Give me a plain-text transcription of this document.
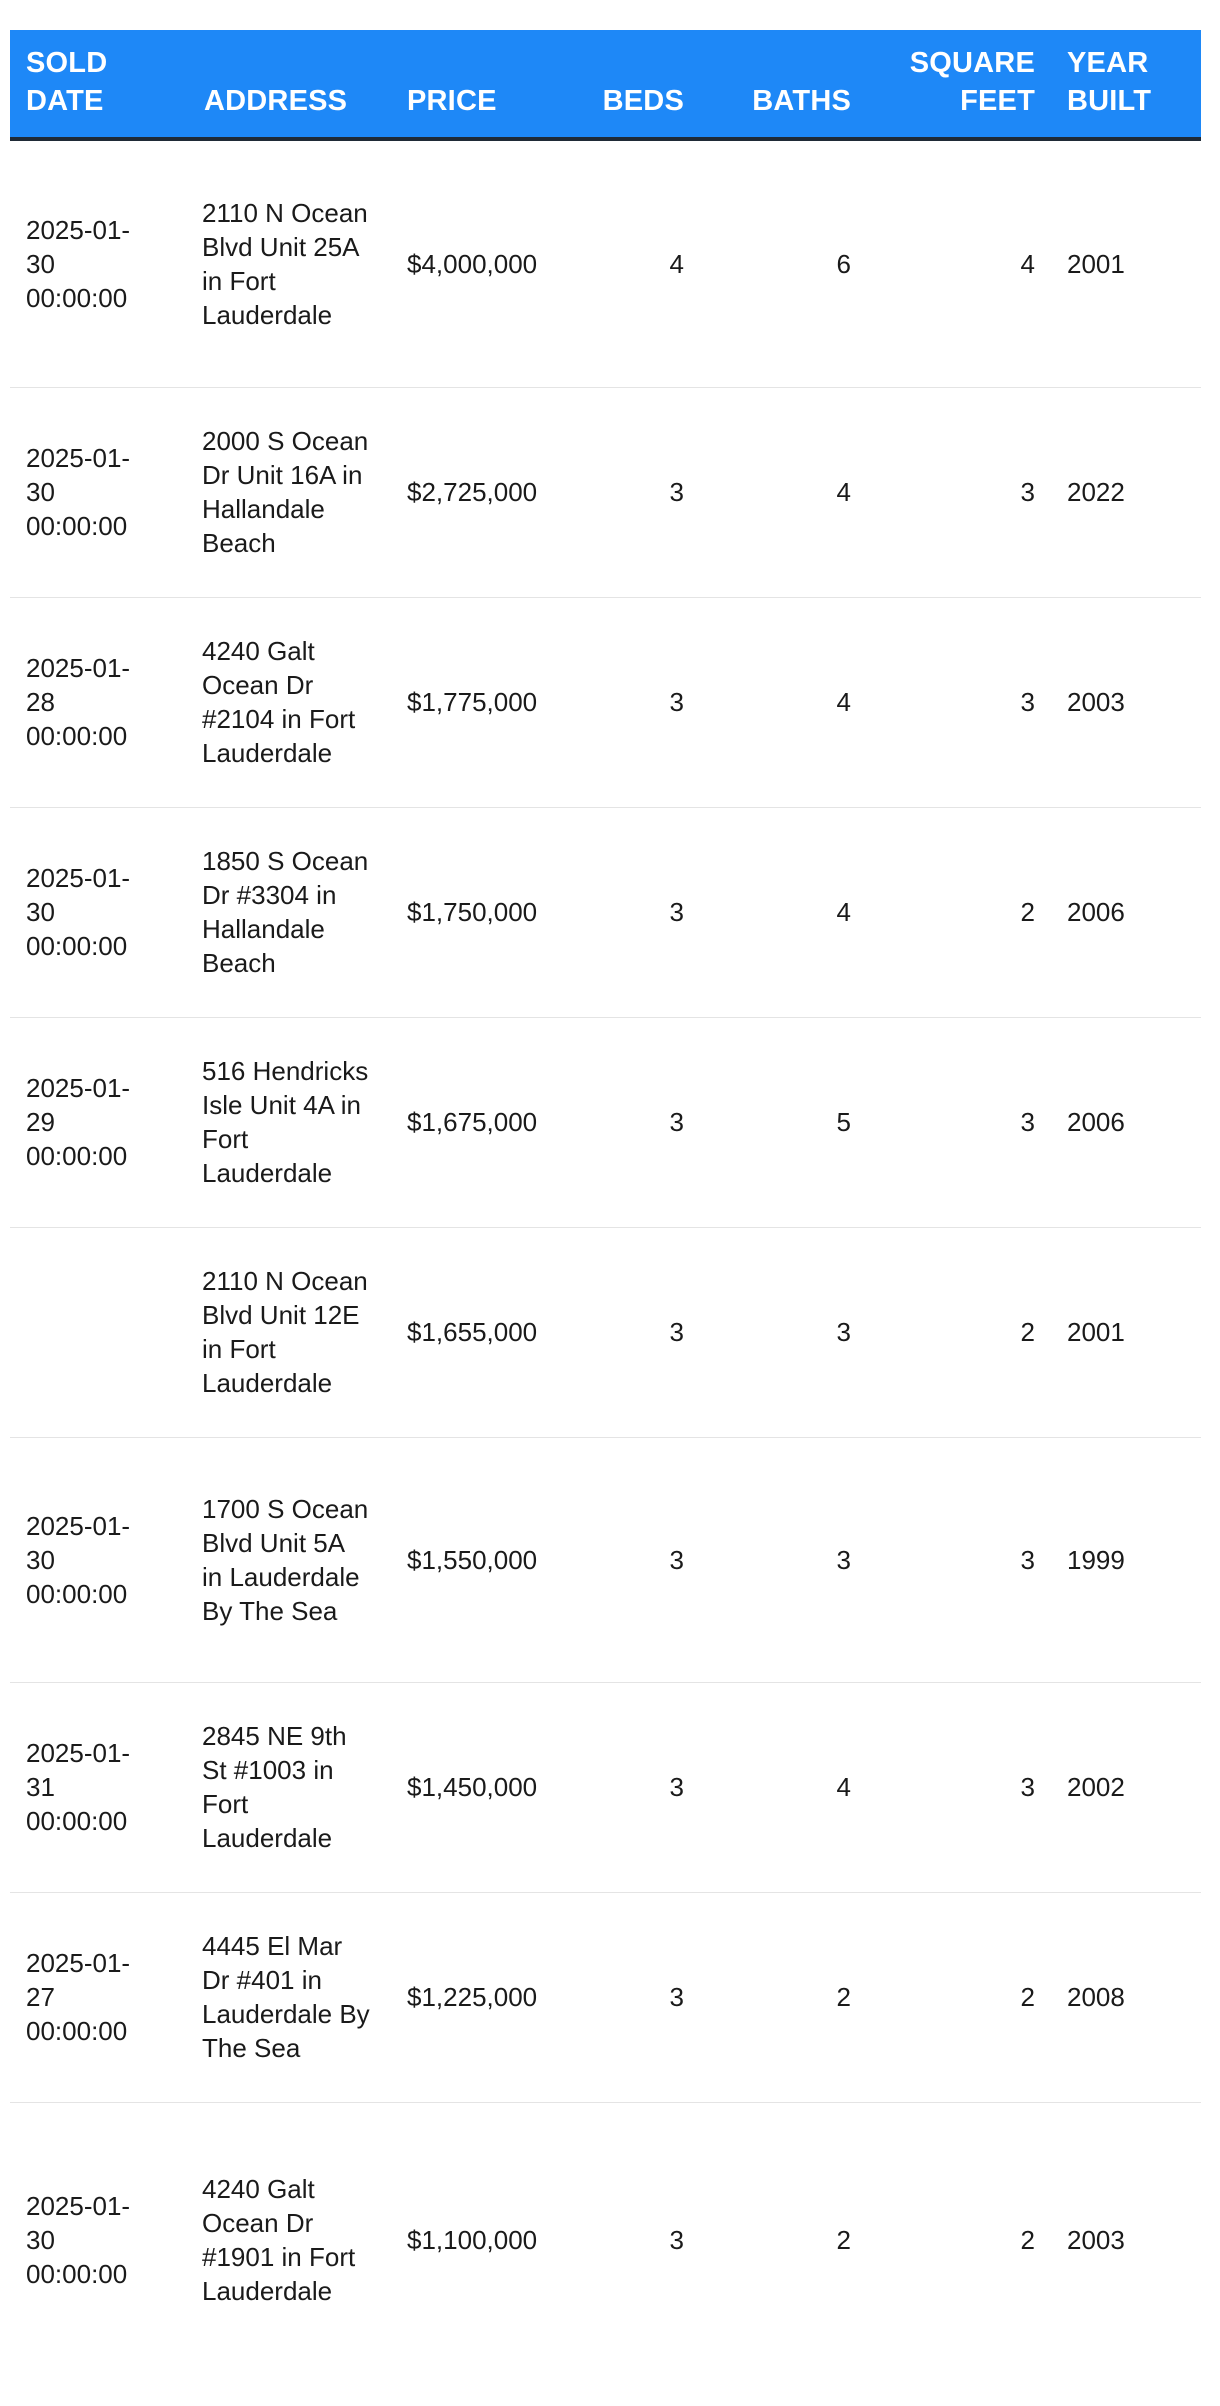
SOLD DATE	ADDRESS	PRICE	BEDS	BATHS	SQUARE FEET	YEAR BUILT
2025-01-30 00:00:00	2110 N Ocean Blvd Unit 25A in Fort Lauderdale	$4,000,000	4	6	4	2001
2025-01-30 00:00:00	2000 S Ocean Dr Unit 16A in Hallandale Beach	$2,725,000	3	4	3	2022
2025-01-28 00:00:00	4240 Galt Ocean Dr #2104 in Fort Lauderdale	$1,775,000	3	4	3	2003
2025-01-30 00:00:00	1850 S Ocean Dr #3304 in Hallandale Beach	$1,750,000	3	4	2	2006
2025-01-29 00:00:00	516 Hendricks Isle Unit 4A in Fort Lauderdale	$1,675,000	3	5	3	2006
	2110 N Ocean Blvd Unit 12E in Fort Lauderdale	$1,655,000	3	3	2	2001
2025-01-30 00:00:00	1700 S Ocean Blvd Unit 5A in Lauderdale By The Sea	$1,550,000	3	3	3	1999
2025-01-31 00:00:00	2845 NE 9th St #1003 in Fort Lauderdale	$1,450,000	3	4	3	2002
2025-01-27 00:00:00	4445 El Mar Dr #401 in Lauderdale By The Sea	$1,225,000	3	2	2	2008
2025-01-30 00:00:00	4240 Galt Ocean Dr #1901 in Fort Lauderdale	$1,100,000	3	2	2	2003
